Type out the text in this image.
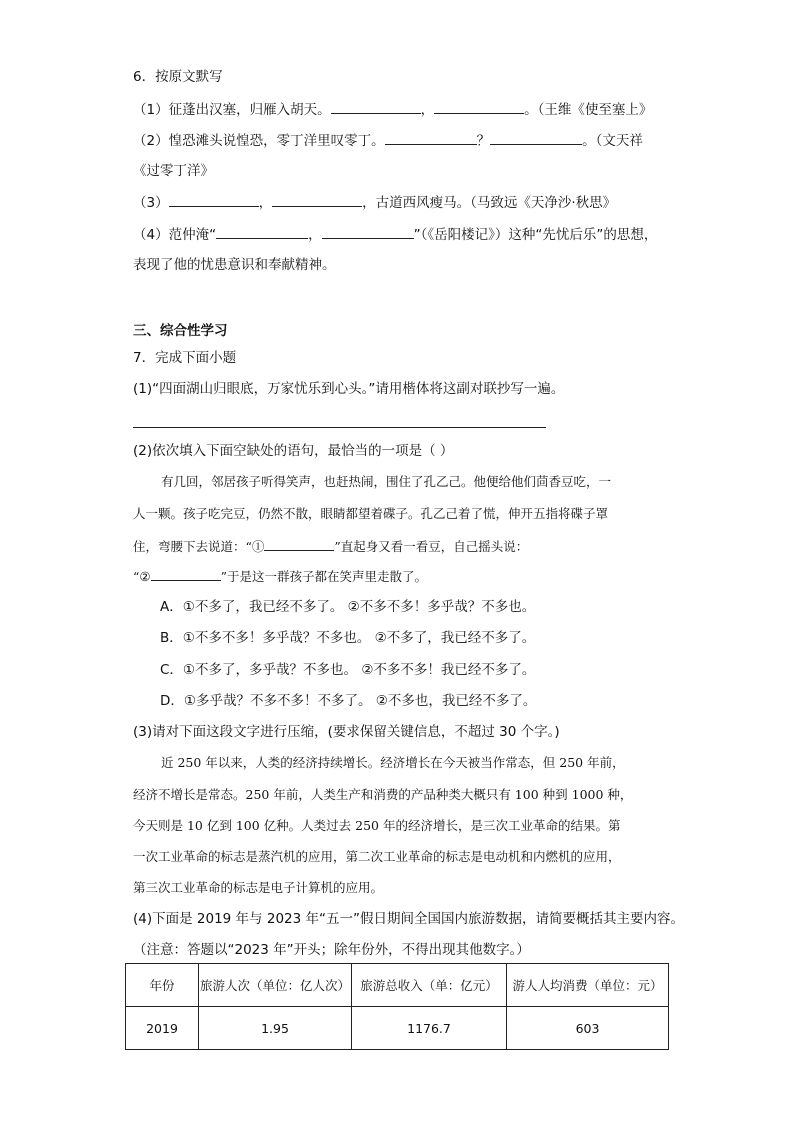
6．按原文默写
（1）征蓬出汉塞，归雁入胡天。	，	。（王维《使至塞上》
（2）惶恐滩头说惶恐，零丁洋里叹零丁。	？	。（文天祥
《过零丁洋》
（3）	，	，古道西风瘦马。（马致远《天净沙·秋思》
（4）范仲淹“	，	”（《岳阳楼记》）这种“先忧后乐”的思想，
表现了他的忧患意识和奉献精神。
三、综合性学习
7．完成下面小题
(1)“四面湖山归眼底，万家忧乐到心头。”请用楷体将这副对联抄写一遍。
(2)依次填入下面空缺处的语句，最恰当的一项是（ ）
有几回，邻居孩子听得笑声，也赶热闹，围住了孔乙己。他便给他们茴香豆吃，一
人一颗。孩子吃完豆，仍然不散，眼睛都望着碟子。孔乙己着了慌，伸开五指将碟子罩
住，弯腰下去说道：“①	”直起身又看一看豆，自己摇头说：
“②	”于是这一群孩子都在笑声里走散了。
A．①不多了，我已经不多了。 ②不多不多！多乎哉？不多也。
B．①不多不多！多乎哉？不多也。 ②不多了，我已经不多了。
C．①不多了，多乎哉？不多也。 ②不多不多！我已经不多了。
D．①多乎哉？不多不多！不多了。 ②不多也，我已经不多了。
(3)请对下面这段文字进行压缩，(要求保留关键信息，不超过 30 个字。)
近 250 年以来，人类的经济持续增长。经济增长在今天被当作常态，但 250 年前，
经济不增长是常态。250 年前，人类生产和消费的产品种类大概只有 100 种到 1000 种，
今天则是 10 亿到 100 亿种。人类过去 250 年的经济增长，是三次工业革命的结果。第
一次工业革命的标志是蒸汽机的应用，第二次工业革命的标志是电动机和内燃机的应用，
第三次工业革命的标志是电子计算机的应用。
(4)下面是 2019 年与 2023 年“五一”假日期间全国国内旅游数据，请简要概括其主要内容。
（注意：答题以“2023 年”开头；除年份外，不得出现其他数字。）
年份	旅游人次（单位：亿人次）	旅游总收入（单：亿元）	游人人均消费（单位：元）
2019	1.95	1176.7	603
